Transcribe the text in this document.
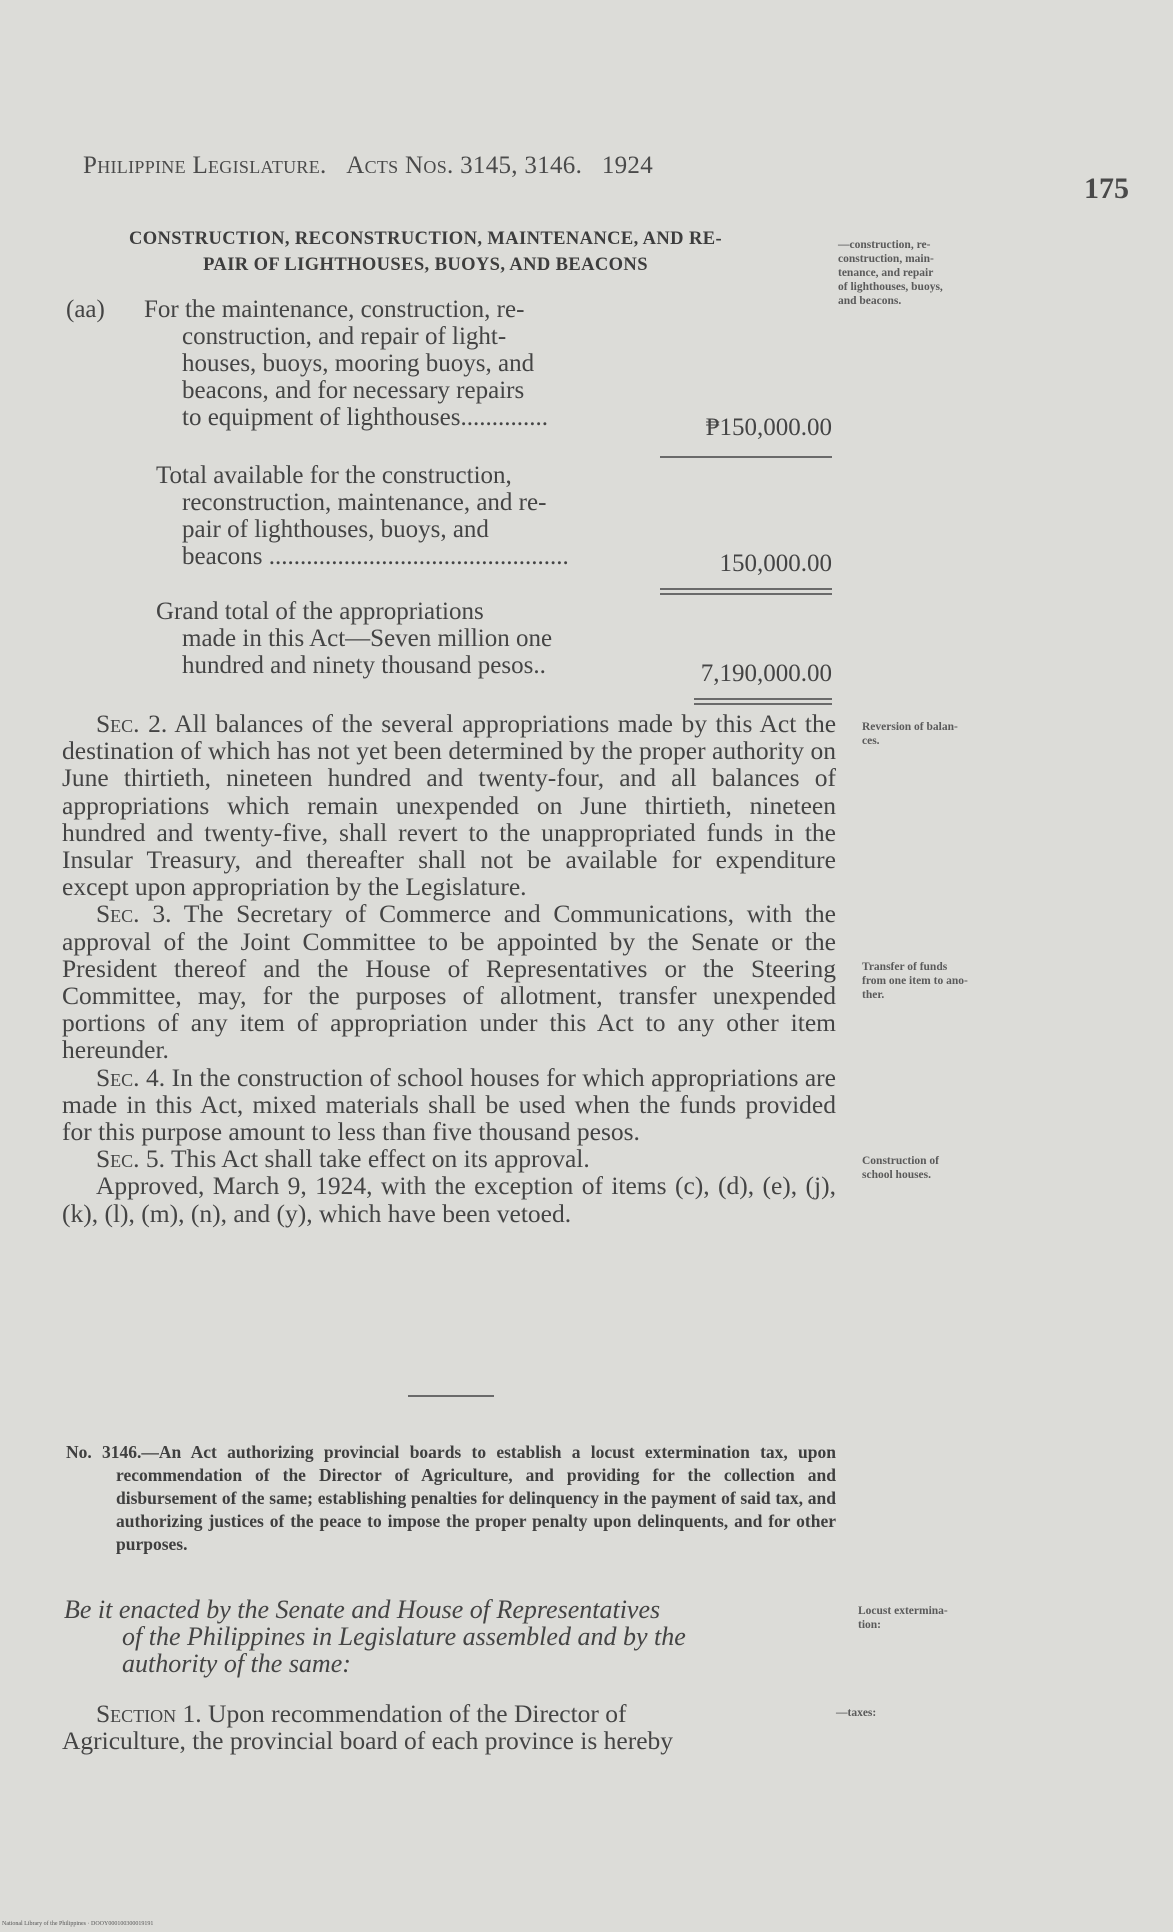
Philippine Legislature. Acts Nos. 3145, 3146. 1924
175
CONSTRUCTION, RECONSTRUCTION, MAINTENANCE, AND RE-
PAIR OF LIGHTHOUSES, BUOYS, AND BEACONS
—construction, re-
construction, main-
tenance, and repair
of lighthouses, buoys,
and beacons.
(aa) For the maintenance, construction, re-
construction, and repair of light-
houses, buoys, mooring buoys, and
beacons, and for necessary repairs
to equipment of lighthouses..............	₱150,000.00
Total available for the construction,
reconstruction, maintenance, and re-
pair of lighthouses, buoys, and
beacons ................................................	150,000.00
Grand total of the appropriations
made in this Act—Seven million one
hundred and ninety thousand pesos..	7,190,000.00
Reversion of balan-
ces.
Transfer of funds
from one item to ano-
ther.
Construction of
school houses.

Sec. 2. All balances of the several appropriations made by this Act the destination of which has not yet been determined by the proper authority on June thirtieth, nineteen hundred and twenty-four, and all balances of appropriations which remain unexpended on June thirtieth, nineteen hundred and twenty-five, shall revert to the unappropriated funds in the Insular Treasury, and thereafter shall not be available for expenditure except upon appropriation by the Legislature.

Sec. 3. The Secretary of Commerce and Communications, with the approval of the Joint Committee to be appointed by the Senate or the President thereof and the House of Representatives or the Steering Committee, may, for the purposes of allotment, transfer unexpended portions of any item of appropriation under this Act to any other item hereunder.

Sec. 4. In the construction of school houses for which appropriations are made in this Act, mixed materials shall be used when the funds provided for this purpose amount to less than five thousand pesos.

Sec. 5. This Act shall take effect on its approval.

Approved, March 9, 1924, with the exception of items (c), (d), (e), (j), (k), (l), (m), (n), and (y), which have been vetoed.

No. 3146.—An Act authorizing provincial boards to establish a locust extermination tax, upon recommendation of the Director of Agriculture, and providing for the collection and disbursement of the same; establishing penalties for delinquency in the payment of said tax, and authorizing justices of the peace to impose the proper penalty upon delinquents, and for other purposes.
Be it enacted by the Senate and House of Representatives
of the Philippines in Legislature assembled and by the
authority of the same:
Locust extermina-
tion:
Section 1. Upon recommendation of the Director of
Agriculture, the provincial board of each province is hereby
—taxes:
National Library of the Philippines · DOOY000100300019191
